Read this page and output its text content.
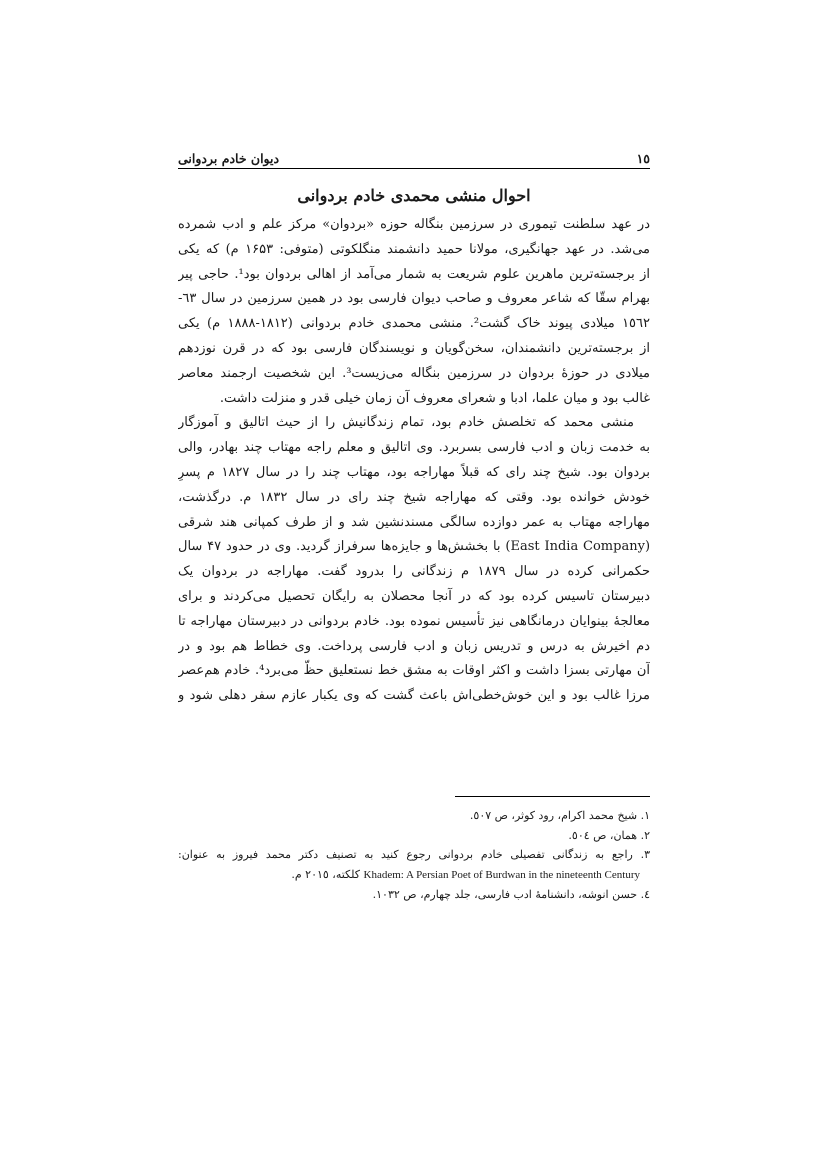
دیوان خادم بردوانی	١٥
احوال منشی محمدی خادم بردوانی

در عهد سلطنت تیموری در سرزمین بنگاله حوزه «بردوان» مرکز علم و ادب شمرده
می‌شد. در عهد جهانگیری، مولانا حمید دانشمند منگلکوتی (متوفی: ۱۶۵۳ م) که یکی
از برجسته‌ترین ماهرین علوم شریعت به شمار می‌آمد از اهالی بردوان بود¹. حاجی پیر
بهرام سقّا که شاعر معروف و صاحب دیوان فارسی بود در همین سرزمین در سال ٦٣-
١٥٦٢ میلادی پیوند خاک گشت². منشی محمدی خادم بردوانی (١٨١٢-١٨٨٨ م) یکی
از برجسته‌ترین دانشمندان، سخن‌گویان و نویسندگان فارسی بود که در قرن نوزدهم
میلادی در حوزهٔ بردوان در سرزمین بنگاله می‌زیست³. این شخصیت ارجمند معاصر
غالب بود و میان علما، ادبا و شعرای معروف آن زمان خیلی قدر و منزلت داشت.

منشی محمد که تخلصش خادم بود، تمام زندگانیش را از حیث اتالیق و آموزگار
به خدمت زبان و ادب فارسی بسربرد. وی اتالیق و معلم راجه مهتاب چند بهادر، والی
بردوان بود. شیخ چند رای که قبلاً مهاراجه بود، مهتاب چند را در سال ۱۸۲۷ م پسرِ
خودش خوانده بود. وقتی که مهاراجه شیخ چند رای در سال ۱۸۳۲ م. درگذشت،
مهاراجه مهتاب به عمر دوازده سالگی مسندنشین شد و از طرف کمپانی هند شرقی
(East India Company) با بخشش‌ها و جایزه‌ها سرفراز گردید. وی در حدود ۴۷ سال
حکمرانی کرده در سال ۱۸۷۹ م زندگانی را بدرود گفت. مهاراجه در بردوان یک
دبیرستان تاسیس کرده بود که در آنجا محصلان به رایگان تحصیل می‌کردند و برای
معالجهٔ بینوایان درمانگاهی نیز تأسیس نموده بود. خادم بردوانی در دبیرستان مهاراجه تا
دم اخیرش به درس و تدریس زبان و ادب فارسی پرداخت. وی خطاط هم بود و در
آن مهارتی بسزا داشت و اکثر اوقات به مشق خط نستعلیق حظّ می‌برد⁴. خادم هم‌عصر
مرزا غالب بود و این خوش‌خطی‌اش باعث گشت که وی یکبار عازم سفر دهلی شود و

١. شیخ محمد اکرام، رود کوثر، ص ٥٠٧.
٢. همان، ص ٥٠٤.
٣. راجع به زندگانی تفصیلی خادم بردوانی رجوع کنید به تصنیف دکتر محمد فیروز به عنوان:
Khadem: A Persian Poet of Burdwan in the nineteenth Century کلکته، ٢٠١٥ م.
٤. حسن انوشه، دانشنامهٔ ادب فارسی، جلد چهارم، ص ١٠٣٢.
